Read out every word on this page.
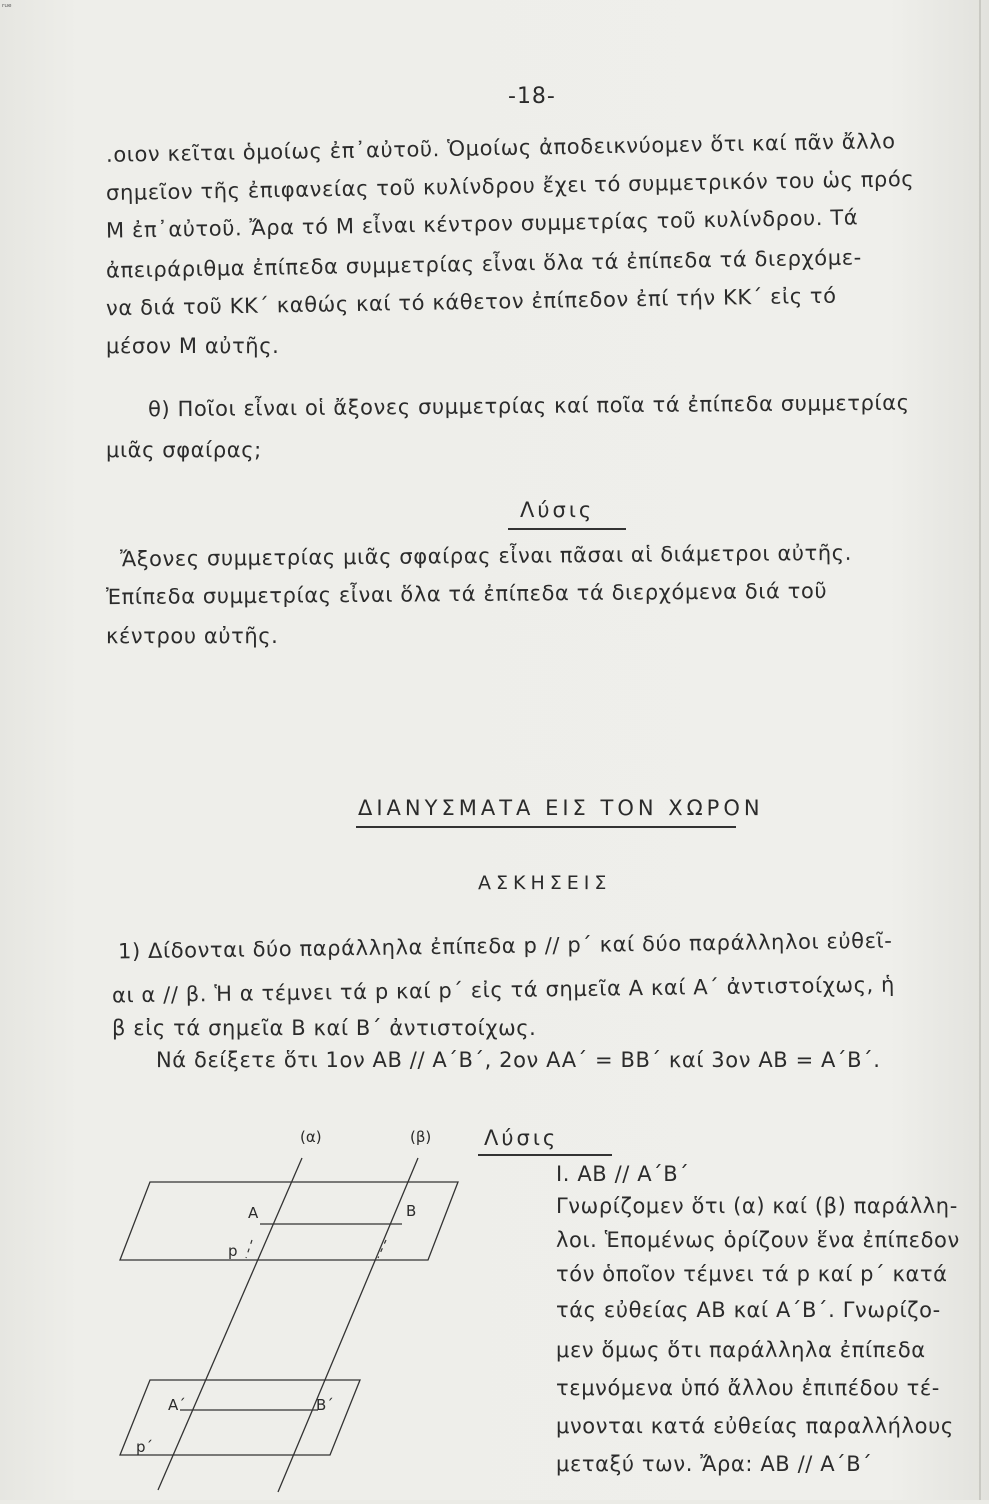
ᵣᵤₑ
-18-
.οιον κεῖται ὁμοίως ἐπ᾽αὐτοῦ. Ὁμοίως ἀποδεικνύομεν ὅτι καί πᾶν ἄλλο
σημεῖον τῆς ἐπιφανείας τοῦ κυλίνδρου ἔχει τό συμμετρικόν του ὡς πρός
M ἐπ᾽αὐτοῦ. Ἄρα τό M εἶναι κέντρον συμμετρίας τοῦ κυλίνδρου. Τά
ἀπειράριθμα ἐπίπεδα συμμετρίας εἶναι ὅλα τά ἐπίπεδα τά διερχόμε-
να διά τοῦ KK΄ καθώς καί τό κάθετον ἐπίπεδον ἐπί τήν KK΄ εἰς τό
μέσον M αὐτῆς.
θ) Ποῖοι εἶναι οἱ ἄξονες συμμετρίας καί ποῖα τά ἐπίπεδα συμμετρίας
μιᾶς σφαίρας;
Λύσις
Ἄξονες συμμετρίας μιᾶς σφαίρας εἶναι πᾶσαι αἱ διάμετροι αὐτῆς.
Ἐπίπεδα συμμετρίας εἶναι ὅλα τά ἐπίπεδα τά διερχόμενα διά τοῦ
κέντρου αὐτῆς.
ΔΙΑΝΥΣΜΑΤΑ ΕΙΣ ΤΟΝ ΧΩΡΟΝ
ΑΣΚΗΣΕΙΣ
1) Δίδονται δύο παράλληλα ἐπίπεδα p // p΄ καί δύο παράλληλοι εὐθεῖ-
αι α // β. Ἡ α τέμνει τά p καί p΄ εἰς τά σημεῖα A καί A΄ ἀντιστοίχως, ἡ
β εἰς τά σημεῖα B καί B΄ ἀντιστοίχως.
Νά δείξετε ὅτι 1ον AB // A΄B΄, 2ον AA΄ = BB΄ καί 3ον AB = A΄B΄.
A	B
p
A΄	B΄
p΄
(α)	(β)	Λύσις
I. AB // A΄B΄
Γνωρίζομεν ὅτι (α) καί (β) παράλλη-
λοι. Ἑπομένως ὁρίζουν ἕνα ἐπίπεδον
τόν ὁποῖον τέμνει τά p καί p΄ κατά
τάς εὐθείας AB καί A΄B΄. Γνωρίζο-
μεν ὅμως ὅτι παράλληλα ἐπίπεδα
τεμνόμενα ὑπό ἄλλου ἐπιπέδου τέ-
μνονται κατά εὐθείας παραλλήλους
μεταξύ των. Ἄρα: AB // A΄B΄
